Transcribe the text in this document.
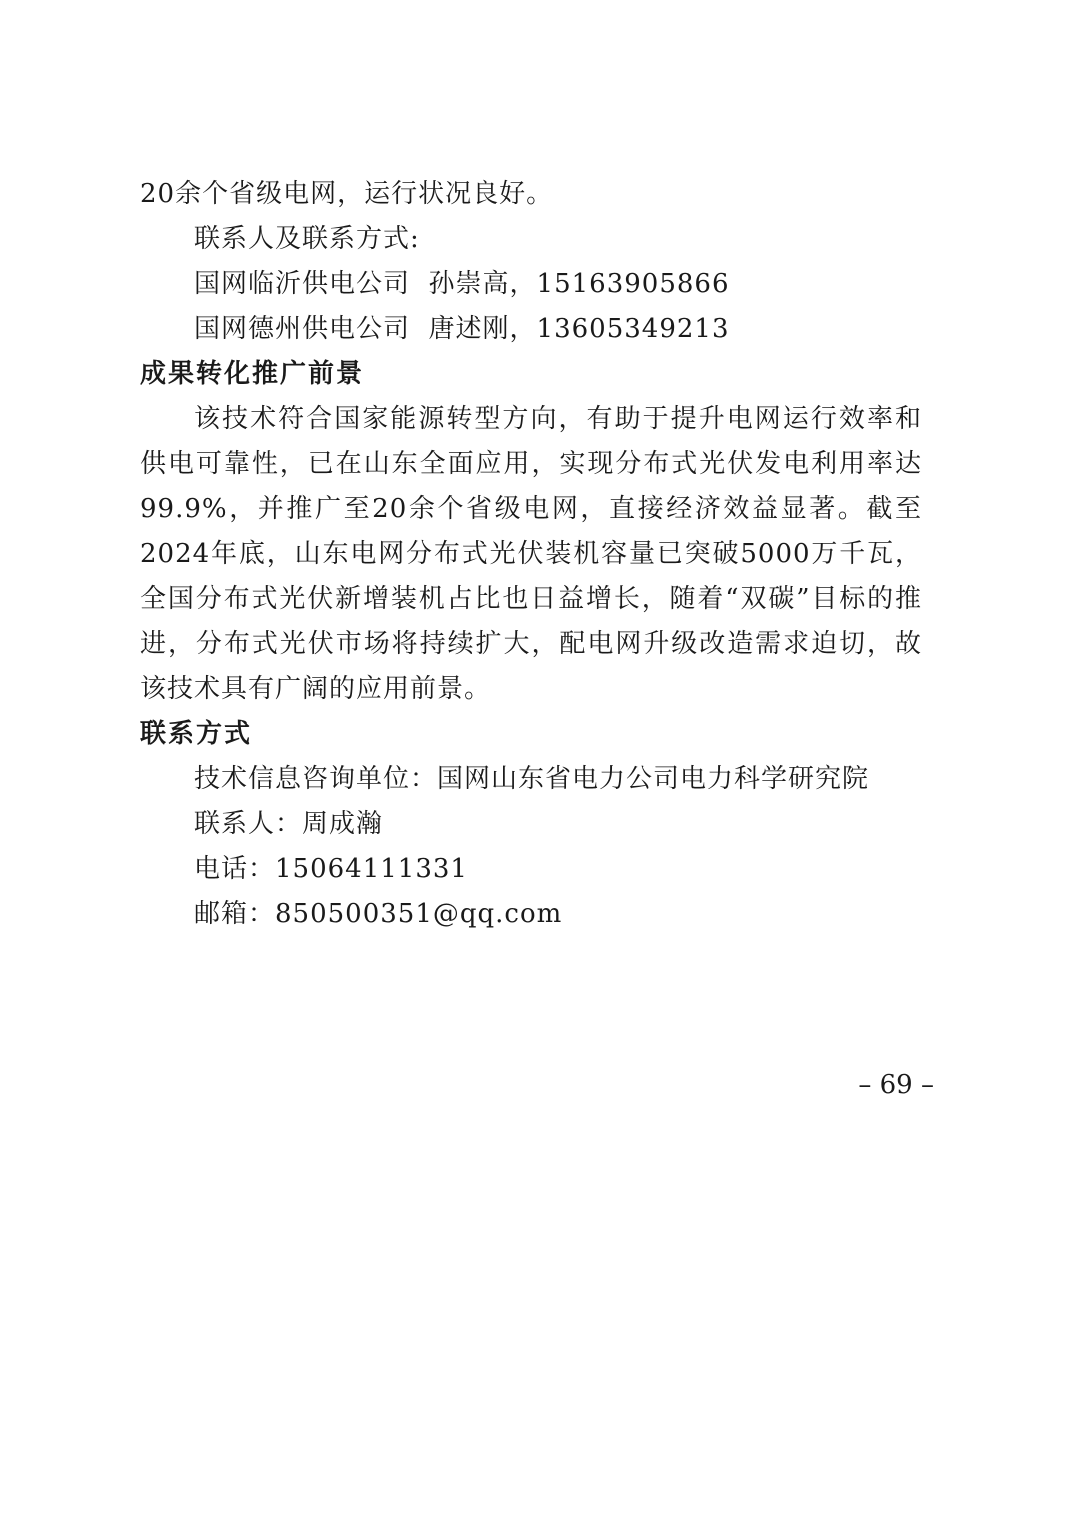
20余个省级电网，运行状况良好。
联系人及联系方式:
国网临沂供电公司  孙崇高，15163905866
国网德州供电公司  唐述刚，13605349213
成果转化推广前景
该技术符合国家能源转型方向，有助于提升电网运行效率和供电可靠性，已在山东全面应用，实现分布式光伏发电利用率达99.9%，并推广至20余个省级电网，直接经济效益显著。截至2024年底，山东电网分布式光伏装机容量已突破5000万千瓦，全国分布式光伏新增装机占比也日益增长，随着“双碳”目标的推进，分布式光伏市场将持续扩大，配电网升级改造需求迫切，故该技术具有广阔的应用前景。
联系方式
技术信息咨询单位：国网山东省电力公司电力科学研究院
联系人：周成瀚
电话：15064111331
邮箱：850500351@qq.com
– 69 –
